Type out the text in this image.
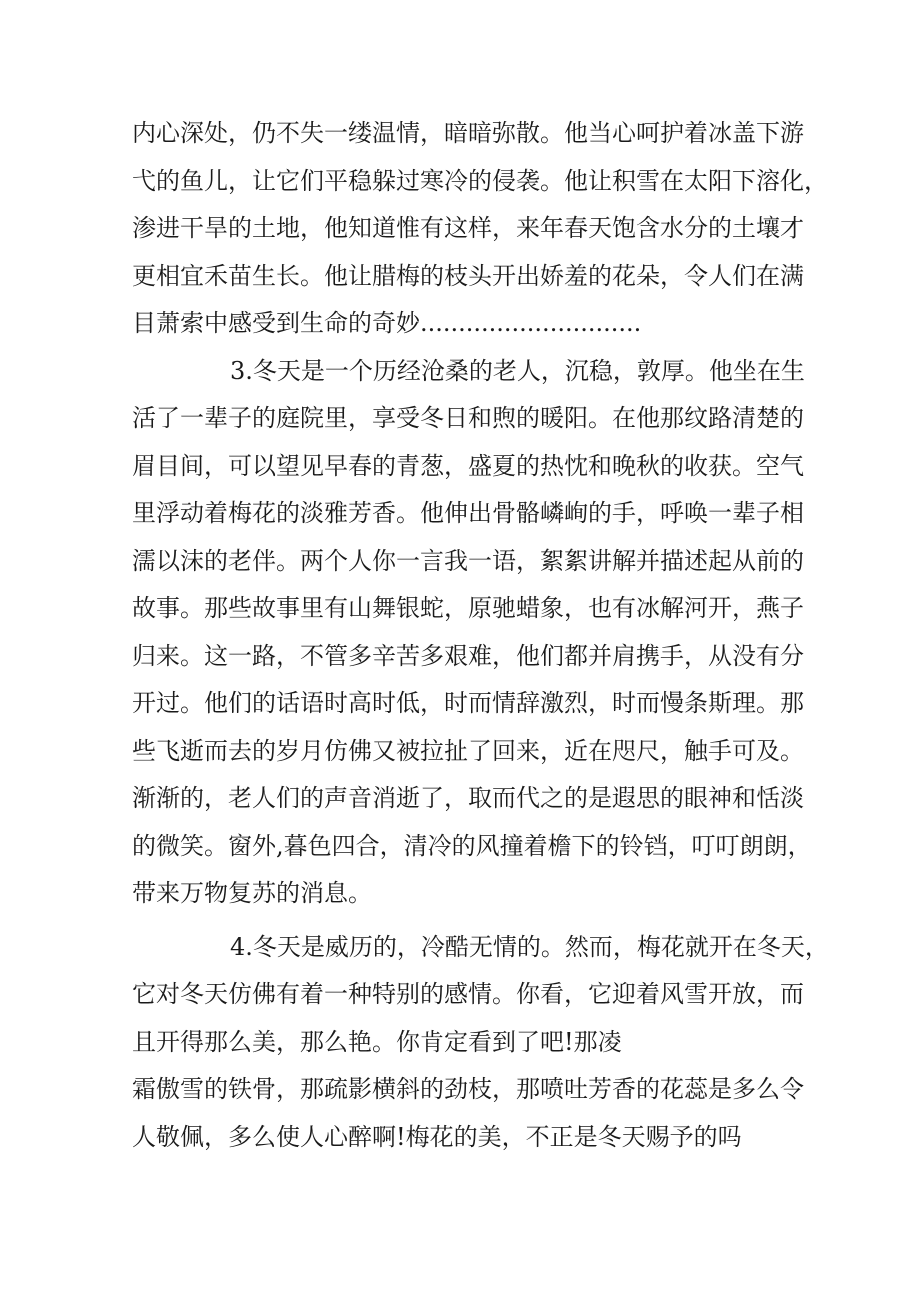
内心深处，仍不失一缕温情，暗暗弥散。他当心呵护着冰盖下游
弋的鱼儿，让它们平稳躲过寒冷的侵袭。他让积雪在太阳下溶化，
渗进干旱的土地，他知道惟有这样，来年春天饱含水分的土壤才
更相宜禾苗生长。他让腊梅的枝头开出娇羞的花朵，令人们在满
目萧索中感受到生命的奇妙.............................
3.冬天是一个历经沧桑的老人，沉稳，敦厚。他坐在生
活了一辈子的庭院里，享受冬日和煦的暖阳。在他那纹路清楚的
眉目间，可以望见早春的青葱，盛夏的热忱和晚秋的收获。空气
里浮动着梅花的淡雅芳香。他伸出骨骼嶙峋的手，呼唤一辈子相
濡以沫的老伴。两个人你一言我一语，絮絮讲解并描述起从前的
故事。那些故事里有山舞银蛇，原驰蜡象，也有冰解河开，燕子
归来。这一路，不管多辛苦多艰难，他们都并肩携手，从没有分
开过。他们的话语时高时低，时而情辞激烈，时而慢条斯理。那
些飞逝而去的岁月仿佛又被拉扯了回来，近在咫尺，触手可及。
渐渐的，老人们的声音消逝了，取而代之的是遐思的眼神和恬淡
的微笑。窗外,暮色四合，清冷的风撞着檐下的铃铛，叮叮朗朗，
带来万物复苏的消息。
4.冬天是威历的，冷酷无情的。然而，梅花就开在冬天，
它对冬天仿佛有着一种特别的感情。你看，它迎着风雪开放，而
且开得那么美，那么艳。你肯定看到了吧!那凌
霜傲雪的铁骨，那疏影横斜的劲枝，那喷吐芳香的花蕊是多么令
人敬佩，多么使人心醉啊!梅花的美，不正是冬天赐予的吗
